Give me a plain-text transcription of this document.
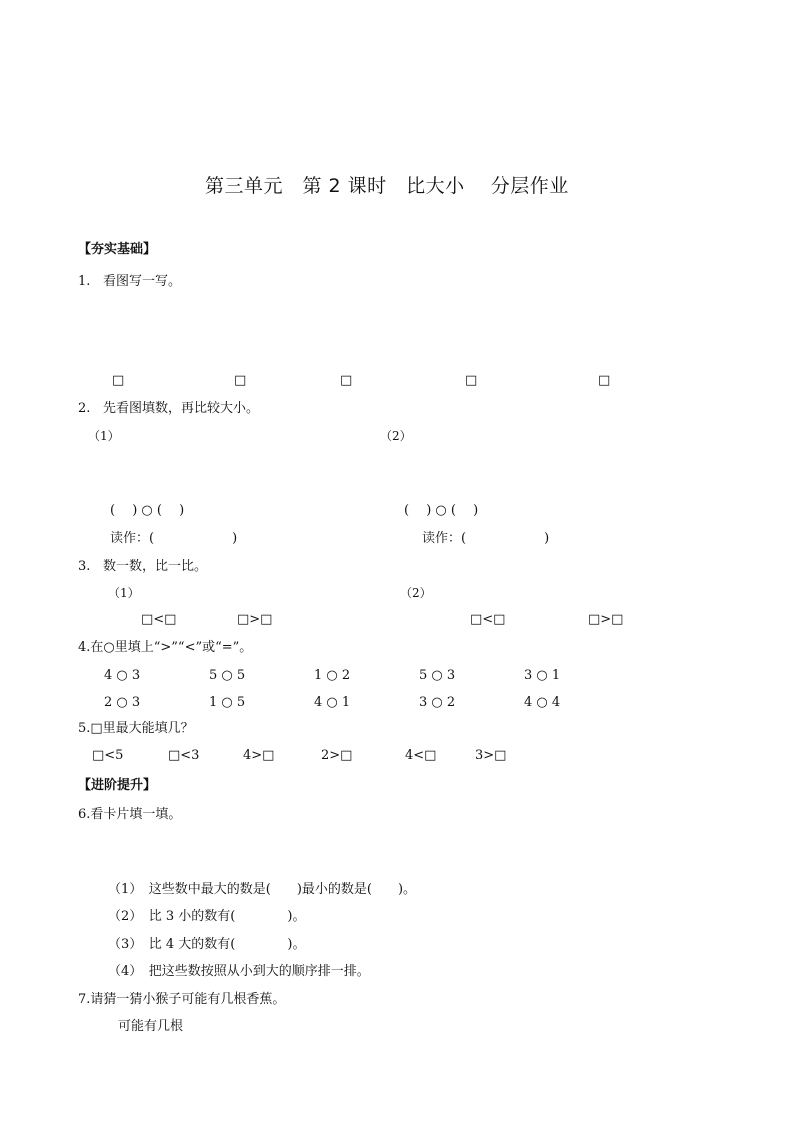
第三单元　第 2 课时　比大小　 分层作业
【夯实基础】
1. 看图写一写。
□	□	□	□	□
2. 先看图填数，再比较大小。
（1）	（2）
(　 ) ○ (　 )	(　 ) ○ (　 )
读作：(　　　　　　)	读作：(　　　　　　)
3. 数一数，比一比。
（1）	（2）
□<□	□>□	□<□	□>□
4.在○里填上“>”“<”或“=”。
4 ○ 3	5 ○ 5	1 ○ 2	5 ○ 3	3 ○ 1
2 ○ 3	1 ○ 5	4 ○ 1	3 ○ 2	4 ○ 4
5.□里最大能填几？
□<5	□<3	4>□	2>□	4<□	3>□
【进阶提升】
6.看卡片填一填。
（1）　这些数中最大的数是(　　)最小的数是(　　)。
（2）　比 3 小的数有(　　　　)。
（3）　比 4 大的数有(　　　　)。
（4）　把这些数按照从小到大的顺序排一排。
7.请猜一猜小猴子可能有几根香蕉。
可能有几根
